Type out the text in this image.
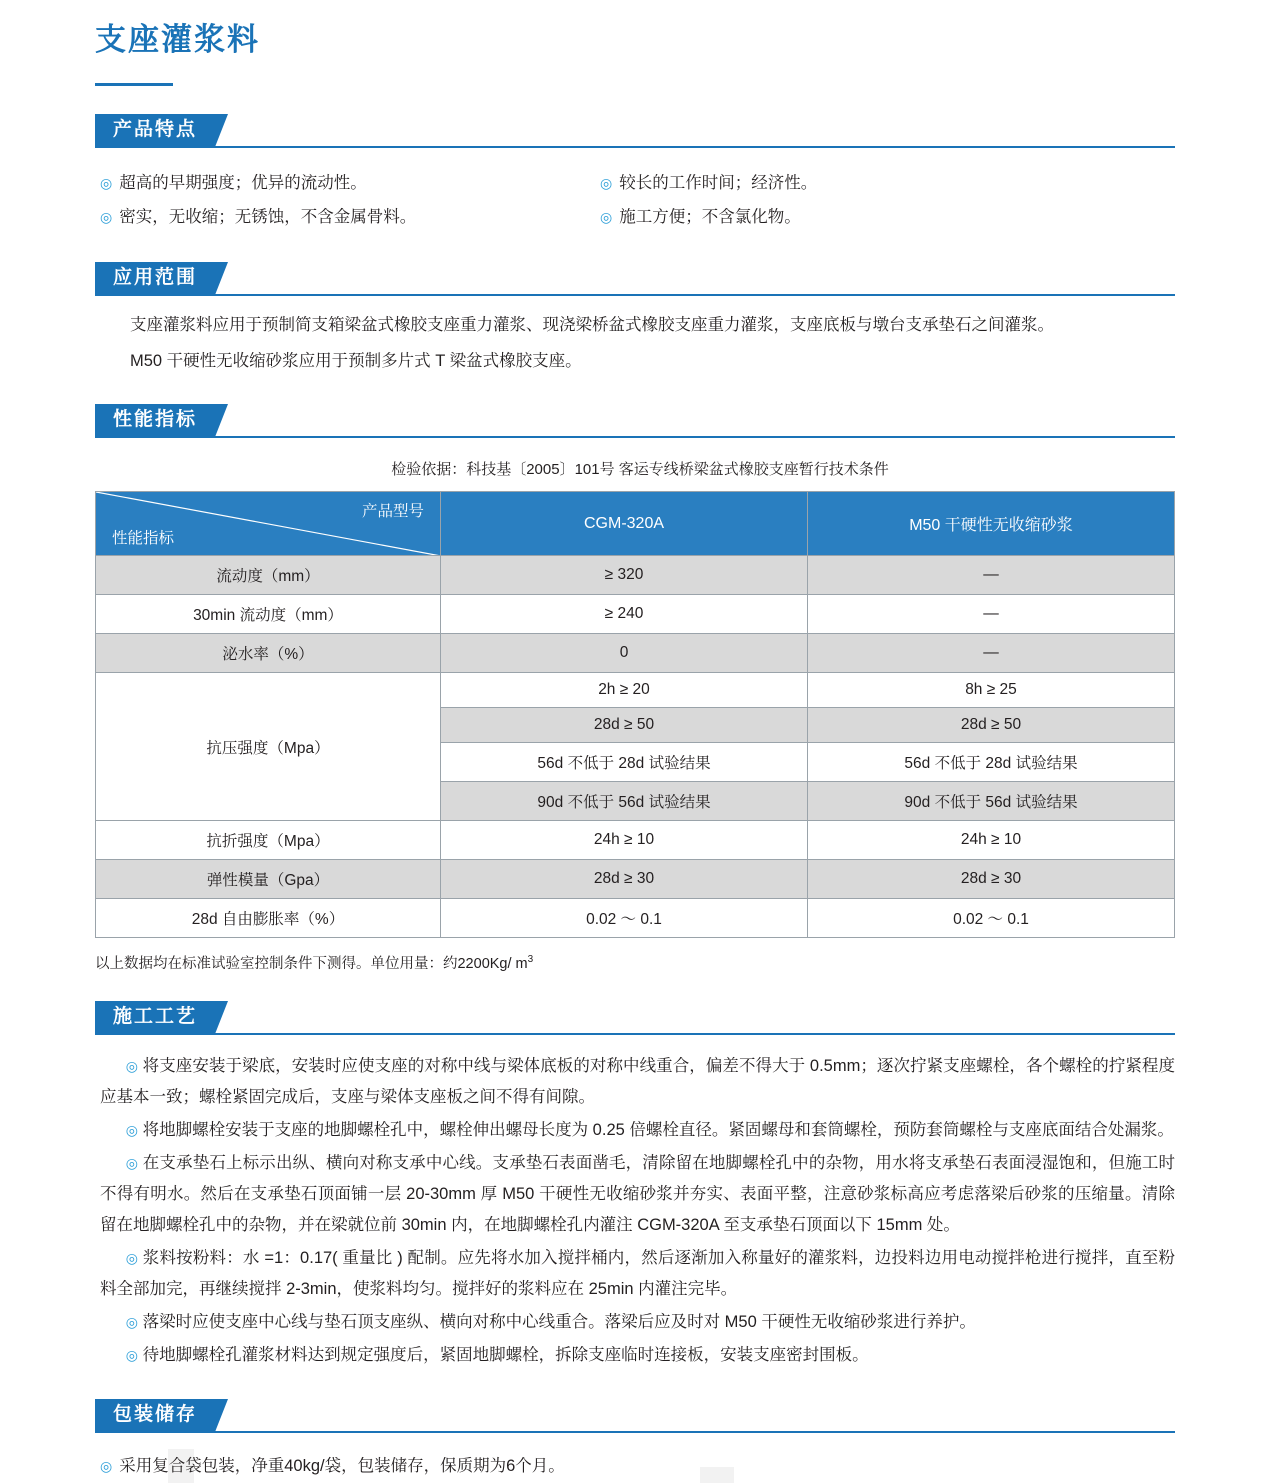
支座灌浆料
产品特点
◎ 超高的早期强度；优异的流动性。	◎ 较长的工作时间；经济性。
◎ 密实，无收缩；无锈蚀，不含金属骨料。	◎ 施工方便；不含氯化物。
应用范围

支座灌浆料应用于预制简支箱梁盆式橡胶支座重力灌浆、现浇梁桥盆式橡胶支座重力灌浆，支座底板与墩台支承垫石之间灌浆。

M50 干硬性无收缩砂浆应用于预制多片式 T 梁盆式橡胶支座。

性能指标
检验依据：科技基〔2005〕101号 客运专线桥梁盆式橡胶支座暂行技术条件
产品型号
性能指标	CGM-320A	M50 干硬性无收缩砂浆
流动度（mm）	≥ 320	—
30min 流动度（mm）	≥ 240	—
泌水率（%）	0	—
抗压强度（Mpa）	2h ≥ 20	8h ≥ 25
	28d ≥ 50	28d ≥ 50
	56d 不低于 28d 试验结果	56d 不低于 28d 试验结果
	90d 不低于 56d 试验结果	90d 不低于 56d 试验结果
抗折强度（Mpa）	24h ≥ 10	24h ≥ 10
弹性模量（Gpa）	28d ≥ 30	28d ≥ 30
28d 自由膨胀率（%）	0.02 ～ 0.1	0.02 ～ 0.1
以上数据均在标准试验室控制条件下测得。单位用量：约2200Kg/ $m^3$
施工工艺
◎ 将支座安装于梁底，安装时应使支座的对称中线与梁体底板的对称中线重合，偏差不得大于 0.5mm；逐次拧紧支座螺栓，各个螺栓的拧紧程度应基本一致；螺栓紧固完成后，支座与梁体支座板之间不得有间隙。
◎ 将地脚螺栓安装于支座的地脚螺栓孔中，螺栓伸出螺母长度为 0.25 倍螺栓直径。紧固螺母和套筒螺栓，预防套筒螺栓与支座底面结合处漏浆。
◎ 在支承垫石上标示出纵、横向对称支承中心线。支承垫石表面凿毛，清除留在地脚螺栓孔中的杂物，用水将支承垫石表面浸湿饱和，但施工时不得有明水。然后在支承垫石顶面铺一层 20-30mm 厚 M50 干硬性无收缩砂浆并夯实、表面平整，注意砂浆标高应考虑落梁后砂浆的压缩量。清除留在地脚螺栓孔中的杂物，并在梁就位前 30min 内，在地脚螺栓孔内灌注 CGM-320A 至支承垫石顶面以下 15mm 处。
◎ 浆料按粉料：水 =1：0.17( 重量比 ) 配制。应先将水加入搅拌桶内，然后逐渐加入称量好的灌浆料，边投料边用电动搅拌枪进行搅拌，直至粉料全部加完，再继续搅拌 2-3min，使浆料均匀。搅拌好的浆料应在 25min 内灌注完毕。
◎ 落梁时应使支座中心线与垫石顶支座纵、横向对称中心线重合。落梁后应及时对 M50 干硬性无收缩砂浆进行养护。
◎ 待地脚螺栓孔灌浆材料达到规定强度后，紧固地脚螺栓，拆除支座临时连接板，安装支座密封围板。
包装储存
◎ 采用复合袋包装，净重40kg/袋，包装储存，保质期为6个月。
